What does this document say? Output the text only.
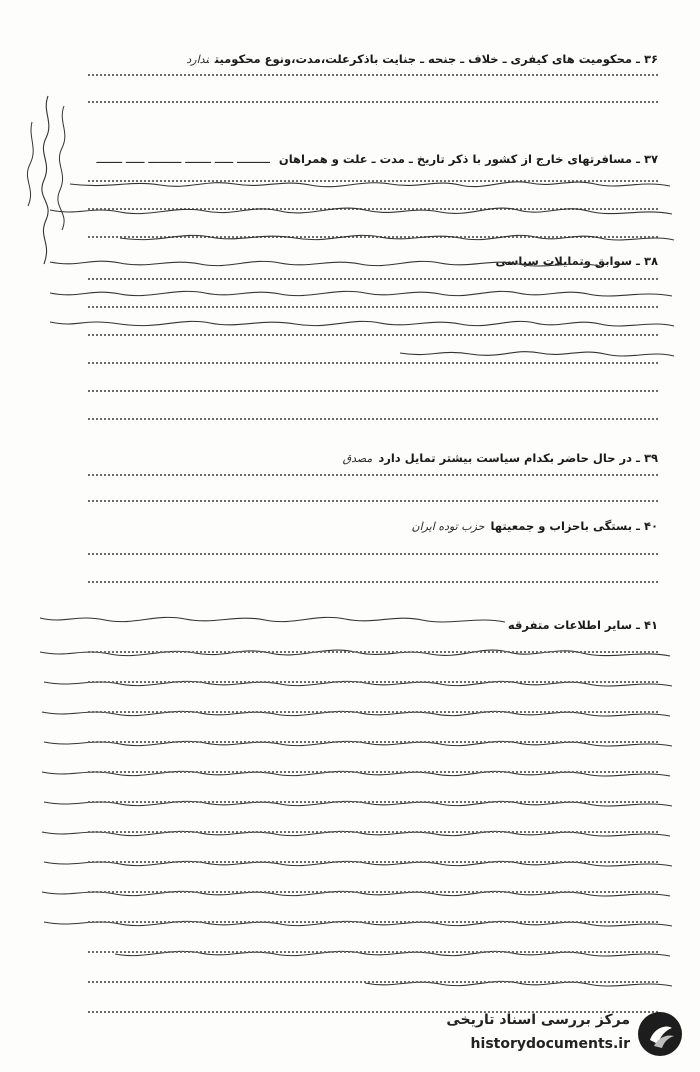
۳۶ ـ محکومیت های کیفری ـ خلاف ـ جنحه ـ جنایت باذکرعلت،مدت،ونوع محکومیتندارد
۳۷ ـ مسافرتهای خارج از کشور با ذکر تاریخ ـ مدت ـ علت و همراهان
ـــــــــ ـــــ ـــــــ ـــــــــ ـــــ ـــــــ
۳۸ ـ سوابق وتمایلات سیاسی
۳۹ ـ در حال حاضر بکدام سیاست بیشتر تمایل داردمصدق
۴۰ ـ بستگی باحزاب و جمعیتهاحزب توده ایران
۴۱ ـ سایر اطلاعات متفرقه
مرکز بررسی اسناد تاریخی
historydocuments.ir
